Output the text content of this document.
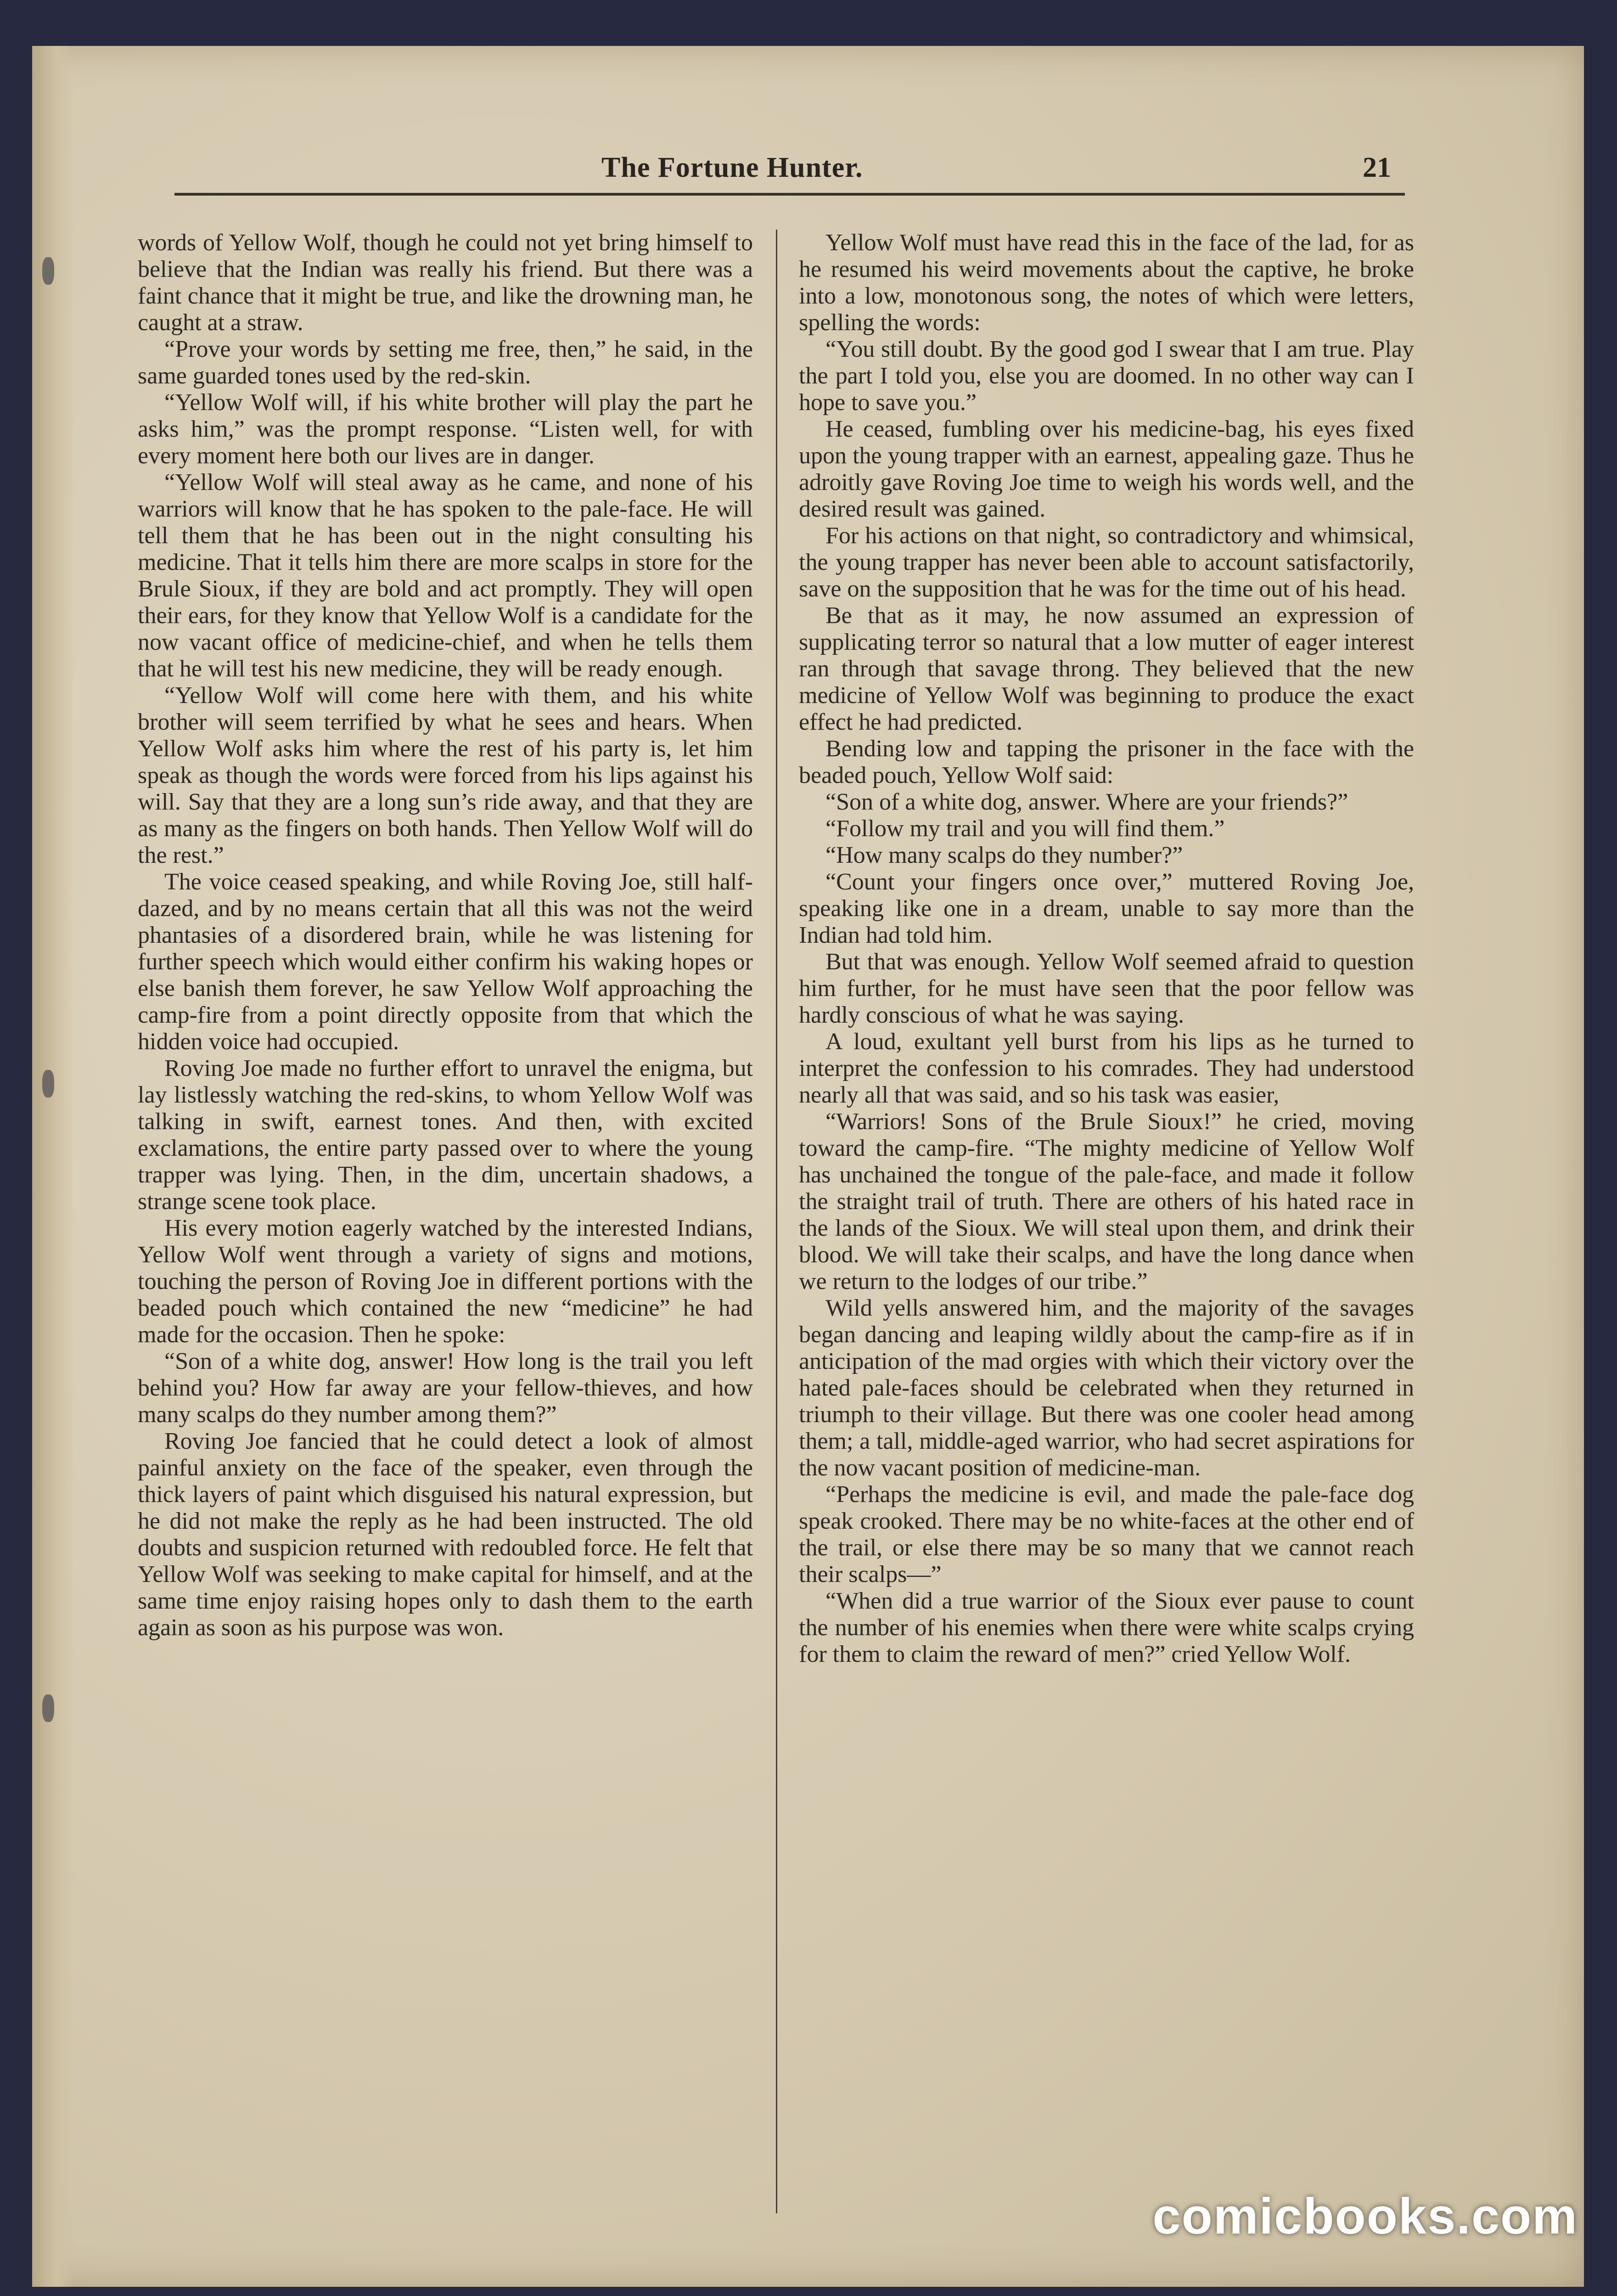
The Fortune Hunter.	21

words of Yellow Wolf, though he could not yet bring himself to believe that the Indian was really his friend. But there was a faint chance that it might be true, and like the drowning man, he caught at a straw.

“Prove your words by setting me free, then,” he said, in the same guarded tones used by the red-skin.

“Yellow Wolf will, if his white brother will play the part he asks him,” was the prompt response. “Listen well, for with every moment here both our lives are in danger.

“Yellow Wolf will steal away as he came, and none of his warriors will know that he has spoken to the pale-face. He will tell them that he has been out in the night consulting his medicine. That it tells him there are more scalps in store for the Brule Sioux, if they are bold and act promptly. They will open their ears, for they know that Yellow Wolf is a candidate for the now vacant office of medicine-chief, and when he tells them that he will test his new medicine, they will be ready enough.

“Yellow Wolf will come here with them, and his white brother will seem terrified by what he sees and hears. When Yellow Wolf asks him where the rest of his party is, let him speak as though the words were forced from his lips against his will. Say that they are a long sun’s ride away, and that they are as many as the fingers on both hands. Then Yellow Wolf will do the rest.”

The voice ceased speaking, and while Roving Joe, still half-dazed, and by no means certain that all this was not the weird phantasies of a disordered brain, while he was listening for further speech which would either confirm his waking hopes or else banish them forever, he saw Yellow Wolf approaching the camp-fire from a point directly opposite from that which the hidden voice had occupied.

Roving Joe made no further effort to unravel the enigma, but lay listlessly watching the red-skins, to whom Yellow Wolf was talking in swift, earnest tones. And then, with excited exclamations, the entire party passed over to where the young trapper was lying. Then, in the dim, uncertain shadows, a strange scene took place.

His every motion eagerly watched by the interested Indians, Yellow Wolf went through a variety of signs and motions, touching the person of Roving Joe in different portions with the beaded pouch which contained the new “medicine” he had made for the occasion. Then he spoke:

“Son of a white dog, answer! How long is the trail you left behind you? How far away are your fellow-thieves, and how many scalps do they number among them?”

Roving Joe fancied that he could detect a look of almost painful anxiety on the face of the speaker, even through the thick layers of paint which disguised his natural expression, but he did not make the reply as he had been instructed. The old doubts and suspicion returned with redoubled force. He felt that Yellow Wolf was seeking to make capital for himself, and at the same time enjoy raising hopes only to dash them to the earth again as soon as his purpose was won.

Yellow Wolf must have read this in the face of the lad, for as he resumed his weird movements about the captive, he broke into a low, monotonous song, the notes of which were letters, spelling the words:

“You still doubt. By the good god I swear that I am true. Play the part I told you, else you are doomed. In no other way can I hope to save you.”

He ceased, fumbling over his medicine-bag, his eyes fixed upon the young trapper with an earnest, appealing gaze. Thus he adroitly gave Roving Joe time to weigh his words well, and the desired result was gained.

For his actions on that night, so contradictory and whimsical, the young trapper has never been able to account satisfactorily, save on the supposition that he was for the time out of his head.

Be that as it may, he now assumed an expression of supplicating terror so natural that a low mutter of eager interest ran through that savage throng. They believed that the new medicine of Yellow Wolf was beginning to produce the exact effect he had predicted.

Bending low and tapping the prisoner in the face with the beaded pouch, Yellow Wolf said:

“Son of a white dog, answer. Where are your friends?”

“Follow my trail and you will find them.”

“How many scalps do they number?”

“Count your fingers once over,” muttered Roving Joe, speaking like one in a dream, unable to say more than the Indian had told him.

But that was enough. Yellow Wolf seemed afraid to question him further, for he must have seen that the poor fellow was hardly conscious of what he was saying.

A loud, exultant yell burst from his lips as he turned to interpret the confession to his comrades. They had understood nearly all that was said, and so his task was easier,

“Warriors! Sons of the Brule Sioux!” he cried, moving toward the camp-fire. “The mighty medicine of Yellow Wolf has unchained the tongue of the pale-face, and made it follow the straight trail of truth. There are others of his hated race in the lands of the Sioux. We will steal upon them, and drink their blood. We will take their scalps, and have the long dance when we return to the lodges of our tribe.”

Wild yells answered him, and the majority of the savages began dancing and leaping wildly about the camp-fire as if in anticipation of the mad orgies with which their victory over the hated pale-faces should be celebrated when they returned in triumph to their village. But there was one cooler head among them; a tall, middle-aged warrior, who had secret aspirations for the now vacant position of medicine-man.

“Perhaps the medicine is evil, and made the pale-face dog speak crooked. There may be no white-faces at the other end of the trail, or else there may be so many that we cannot reach their scalps—”

“When did a true warrior of the Sioux ever pause to count the number of his enemies when there were white scalps crying for them to claim the reward of men?” cried Yellow Wolf.

comicbooks.com
